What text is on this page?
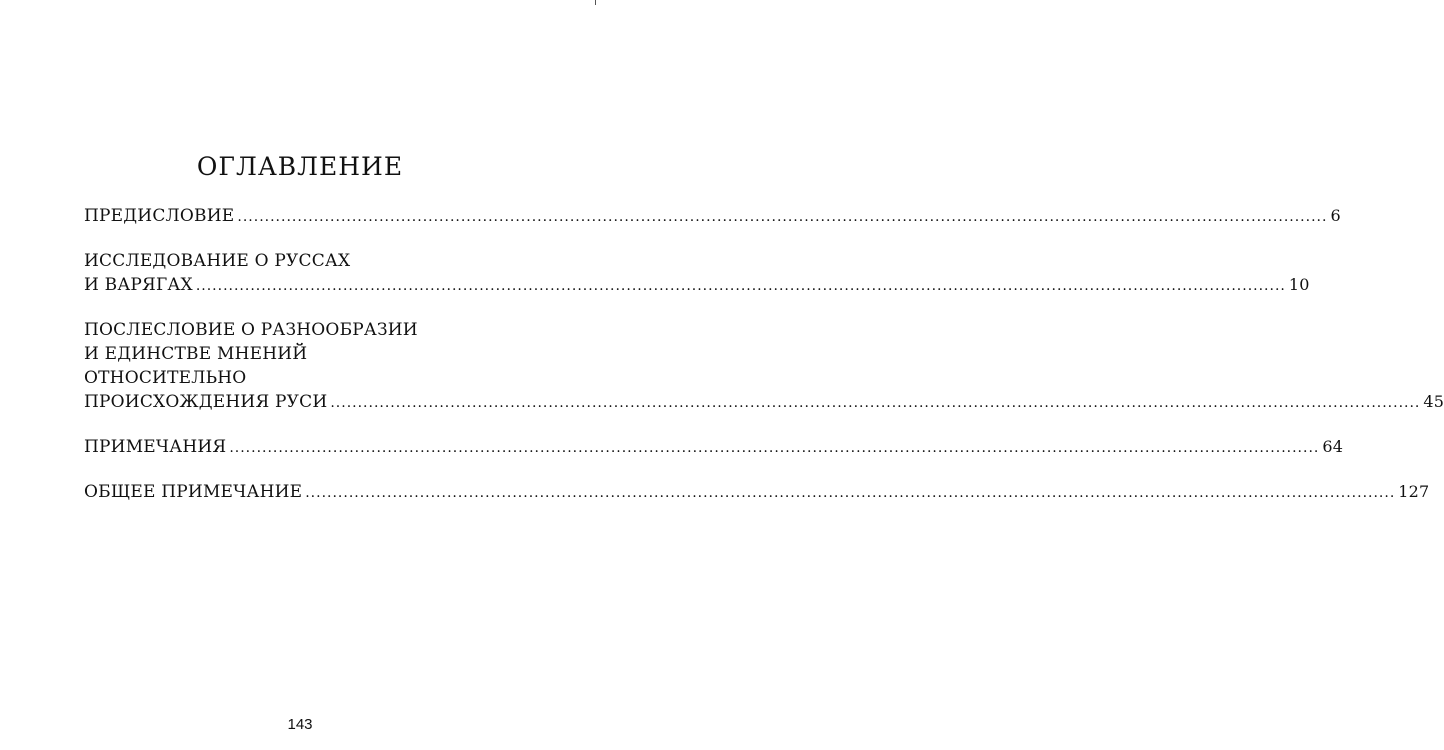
ОГЛАВЛЕНИЕ
ПРЕДИСЛОВИЕ ........................................................................................................................................................................................................ 6
ИССЛЕДОВАНИЕ О РУССАХ
И ВАРЯГАХ ........................................................................................................................................................................................................ 10
ПОСЛЕСЛОВИЕ О РАЗНООБРАЗИИ
И ЕДИНСТВЕ МНЕНИЙ
ОТНОСИТЕЛЬНО
ПРОИСХОЖДЕНИЯ РУСИ ........................................................................................................................................................................................................ 45
ПРИМЕЧАНИЯ ........................................................................................................................................................................................................ 64
ОБЩЕЕ ПРИМЕЧАНИЕ ........................................................................................................................................................................................................ 127
143
